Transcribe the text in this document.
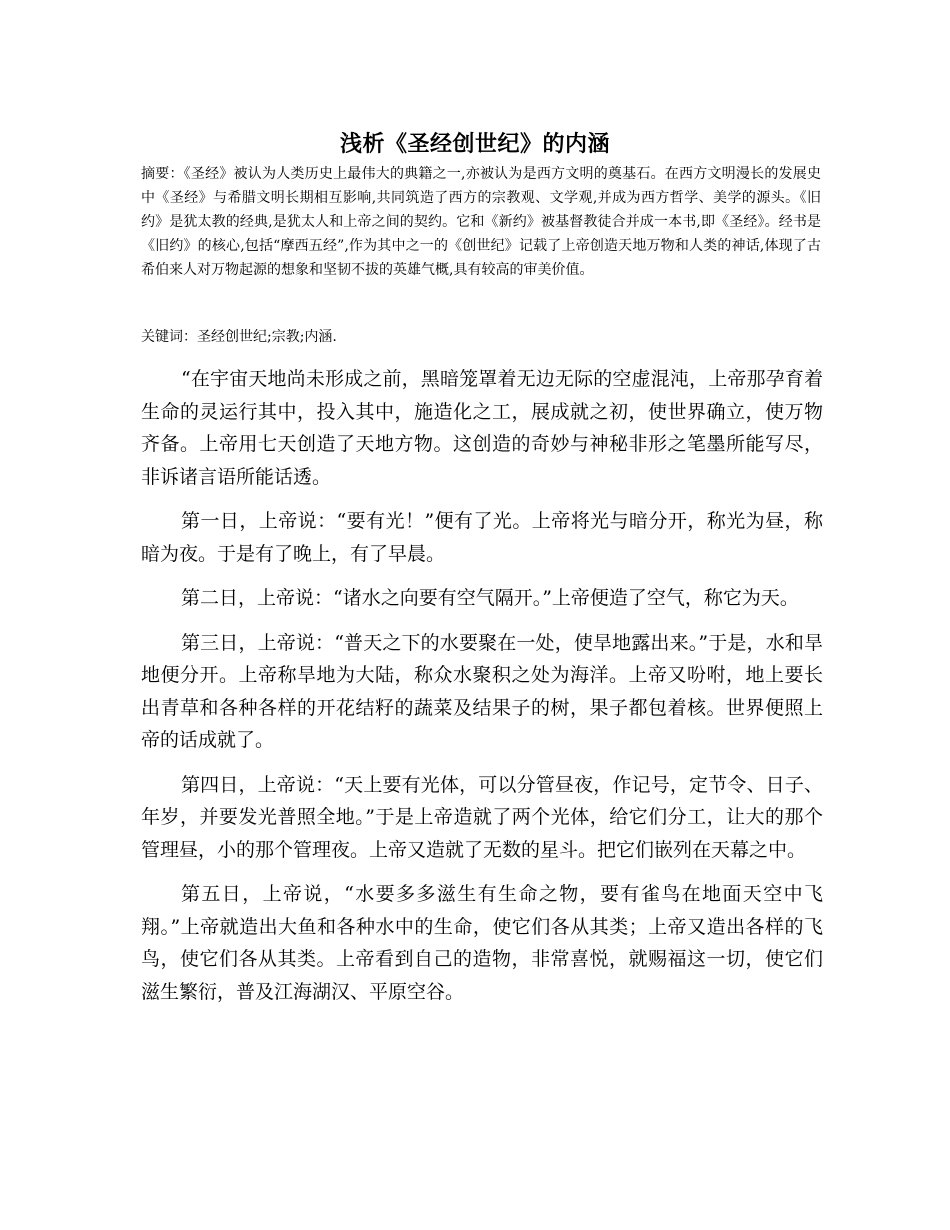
浅析《圣经创世纪》的内涵

摘要：《圣经》被认为人类历史上最伟大的典籍之一,亦被认为是西方文明的奠基石。在西方文明漫长的发展史中《圣经》与希腊文明长期相互影响,共同筑造了西方的宗教观、文学观,并成为西方哲学、美学的源头。《旧约》是犹太教的经典,是犹太人和上帝之间的契约。它和《新约》被基督教徒合并成一本书,即《圣经》。经书是《旧约》的核心,包括“摩西五经”,作为其中之一的《创世纪》记载了上帝创造天地万物和人类的神话,体现了古希伯来人对万物起源的想象和坚韧不拔的英雄气概,具有较高的审美价值。

关键词：圣经创世纪;宗教;内涵.

“在宇宙天地尚未形成之前，黑暗笼罩着无边无际的空虚混沌，上帝那孕育着生命的灵运行其中，投入其中，施造化之工，展成就之初，使世界确立，使万物齐备。上帝用七天创造了天地方物。这创造的奇妙与神秘非形之笔墨所能写尽，非诉诸言语所能话透。

第一日，上帝说：“要有光！”便有了光。上帝将光与暗分开，称光为昼，称暗为夜。于是有了晚上，有了早晨。

第二日，上帝说：“诸水之向要有空气隔开。”上帝便造了空气，称它为天。

第三日，上帝说：“普天之下的水要聚在一处，使旱地露出来。”于是，水和旱地便分开。上帝称旱地为大陆，称众水聚积之处为海洋。上帝又吩咐，地上要长出青草和各种各样的开花结籽的蔬菜及结果子的树，果子都包着核。世界便照上帝的话成就了。

第四日，上帝说：“天上要有光体，可以分管昼夜，作记号，定节令、日子、年岁，并要发光普照全地。”于是上帝造就了两个光体，给它们分工，让大的那个管理昼，小的那个管理夜。上帝又造就了无数的星斗。把它们嵌列在天幕之中。

第五日，上帝说，“水要多多滋生有生命之物，要有雀鸟在地面天空中飞翔。”上帝就造出大鱼和各种水中的生命，使它们各从其类；上帝又造出各样的飞鸟，使它们各从其类。上帝看到自己的造物，非常喜悦，就赐福这一切，使它们滋生繁衍，普及江海湖汉、平原空谷。
